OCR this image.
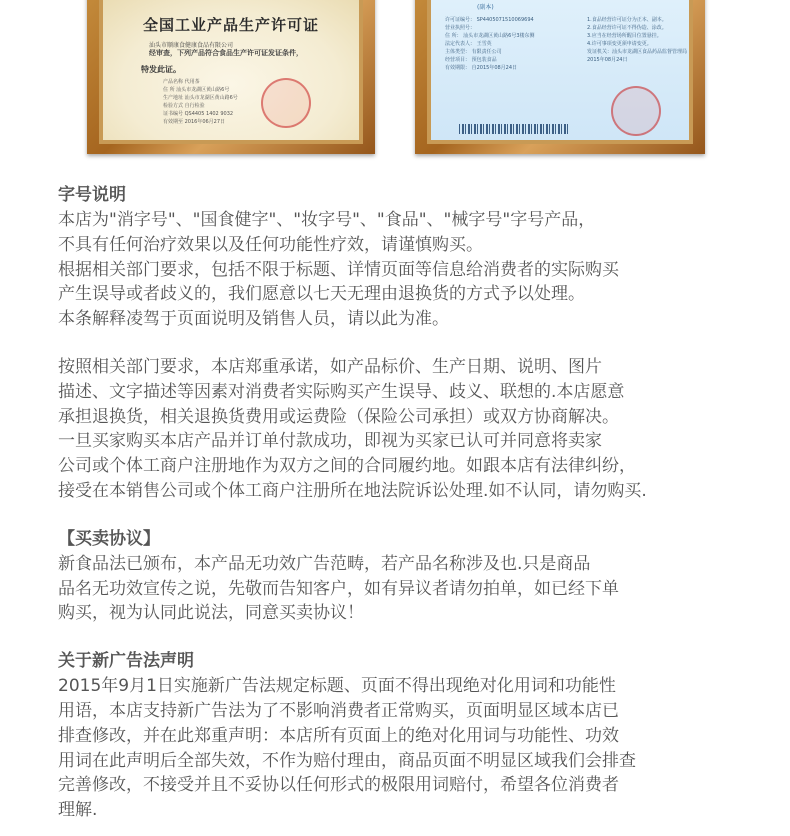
全国工业产品生产许可证
汕头市顺康食健康食品有限公司
经审查，下列产品符合食品生产许可证发证条件，
特发此证。
产品名称 代用茶
住 所 汕头市龙湖区黄山路6号
生产地址 汕头市龙湖区黄山路6号
检验方式 自行检验
证书编号 QS4405 1402 9032
有效期至 2016年06月27日
(副本)
许可证编号： SP4405071510069694
营业执照号：
住 所： 汕头市龙湖区黄山路6号3楼东侧
法定代表人： 王雪英
主体类型： 有限责任公司
经营项目： 预包装食品
有效期限： 自2015年08月24日
1.食品经营许可证分为正本、副本。
2.食品经营许可证不得伪造、涂改。
3.应当在经营场所醒目位置悬挂。
4.许可事项变更须申请变更。
发证机关：汕头市龙湖区食品药品监督管理局
2015年08月24日
字号说明
本店为"消字号"、"国食健字"、"妆字号"、"食品"、"械字号"字号产品，
不具有任何治疗效果以及任何功能性疗效，请谨慎购买。
根据相关部门要求，包括不限于标题、详情页面等信息给消费者的实际购买
产生误导或者歧义的，我们愿意以七天无理由退换货的方式予以处理。
本条解释凌驾于页面说明及销售人员，请以此为准。
按照相关部门要求，本店郑重承诺，如产品标价、生产日期、说明、图片
描述、文字描述等因素对消费者实际购买产生误导、歧义、联想的.本店愿意
承担退换货，相关退换货费用或运费险（保险公司承担）或双方协商解决。
一旦买家购买本店产品并订单付款成功，即视为买家已认可并同意将卖家
公司或个体工商户注册地作为双方之间的合同履约地。如跟本店有法律纠纷，
接受在本销售公司或个体工商户注册所在地法院诉讼处理.如不认同，请勿购买.
【买卖协议】
新食品法已颁布，本产品无功效广告范畴，若产品名称涉及也.只是商品
品名无功效宣传之说，先敬而告知客户，如有异议者请勿拍单，如已经下单
购买，视为认同此说法，同意买卖协议！
关于新广告法声明
2015年9月1日实施新广告法规定标题、页面不得出现绝对化用词和功能性
用语，本店支持新广告法为了不影响消费者正常购买，页面明显区域本店已
排查修改，并在此郑重声明：本店所有页面上的绝对化用词与功能性、功效
用词在此声明后全部失效，不作为赔付理由，商品页面不明显区域我们会排查
完善修改，不接受并且不妥协以任何形式的极限用词赔付，希望各位消费者
理解.
